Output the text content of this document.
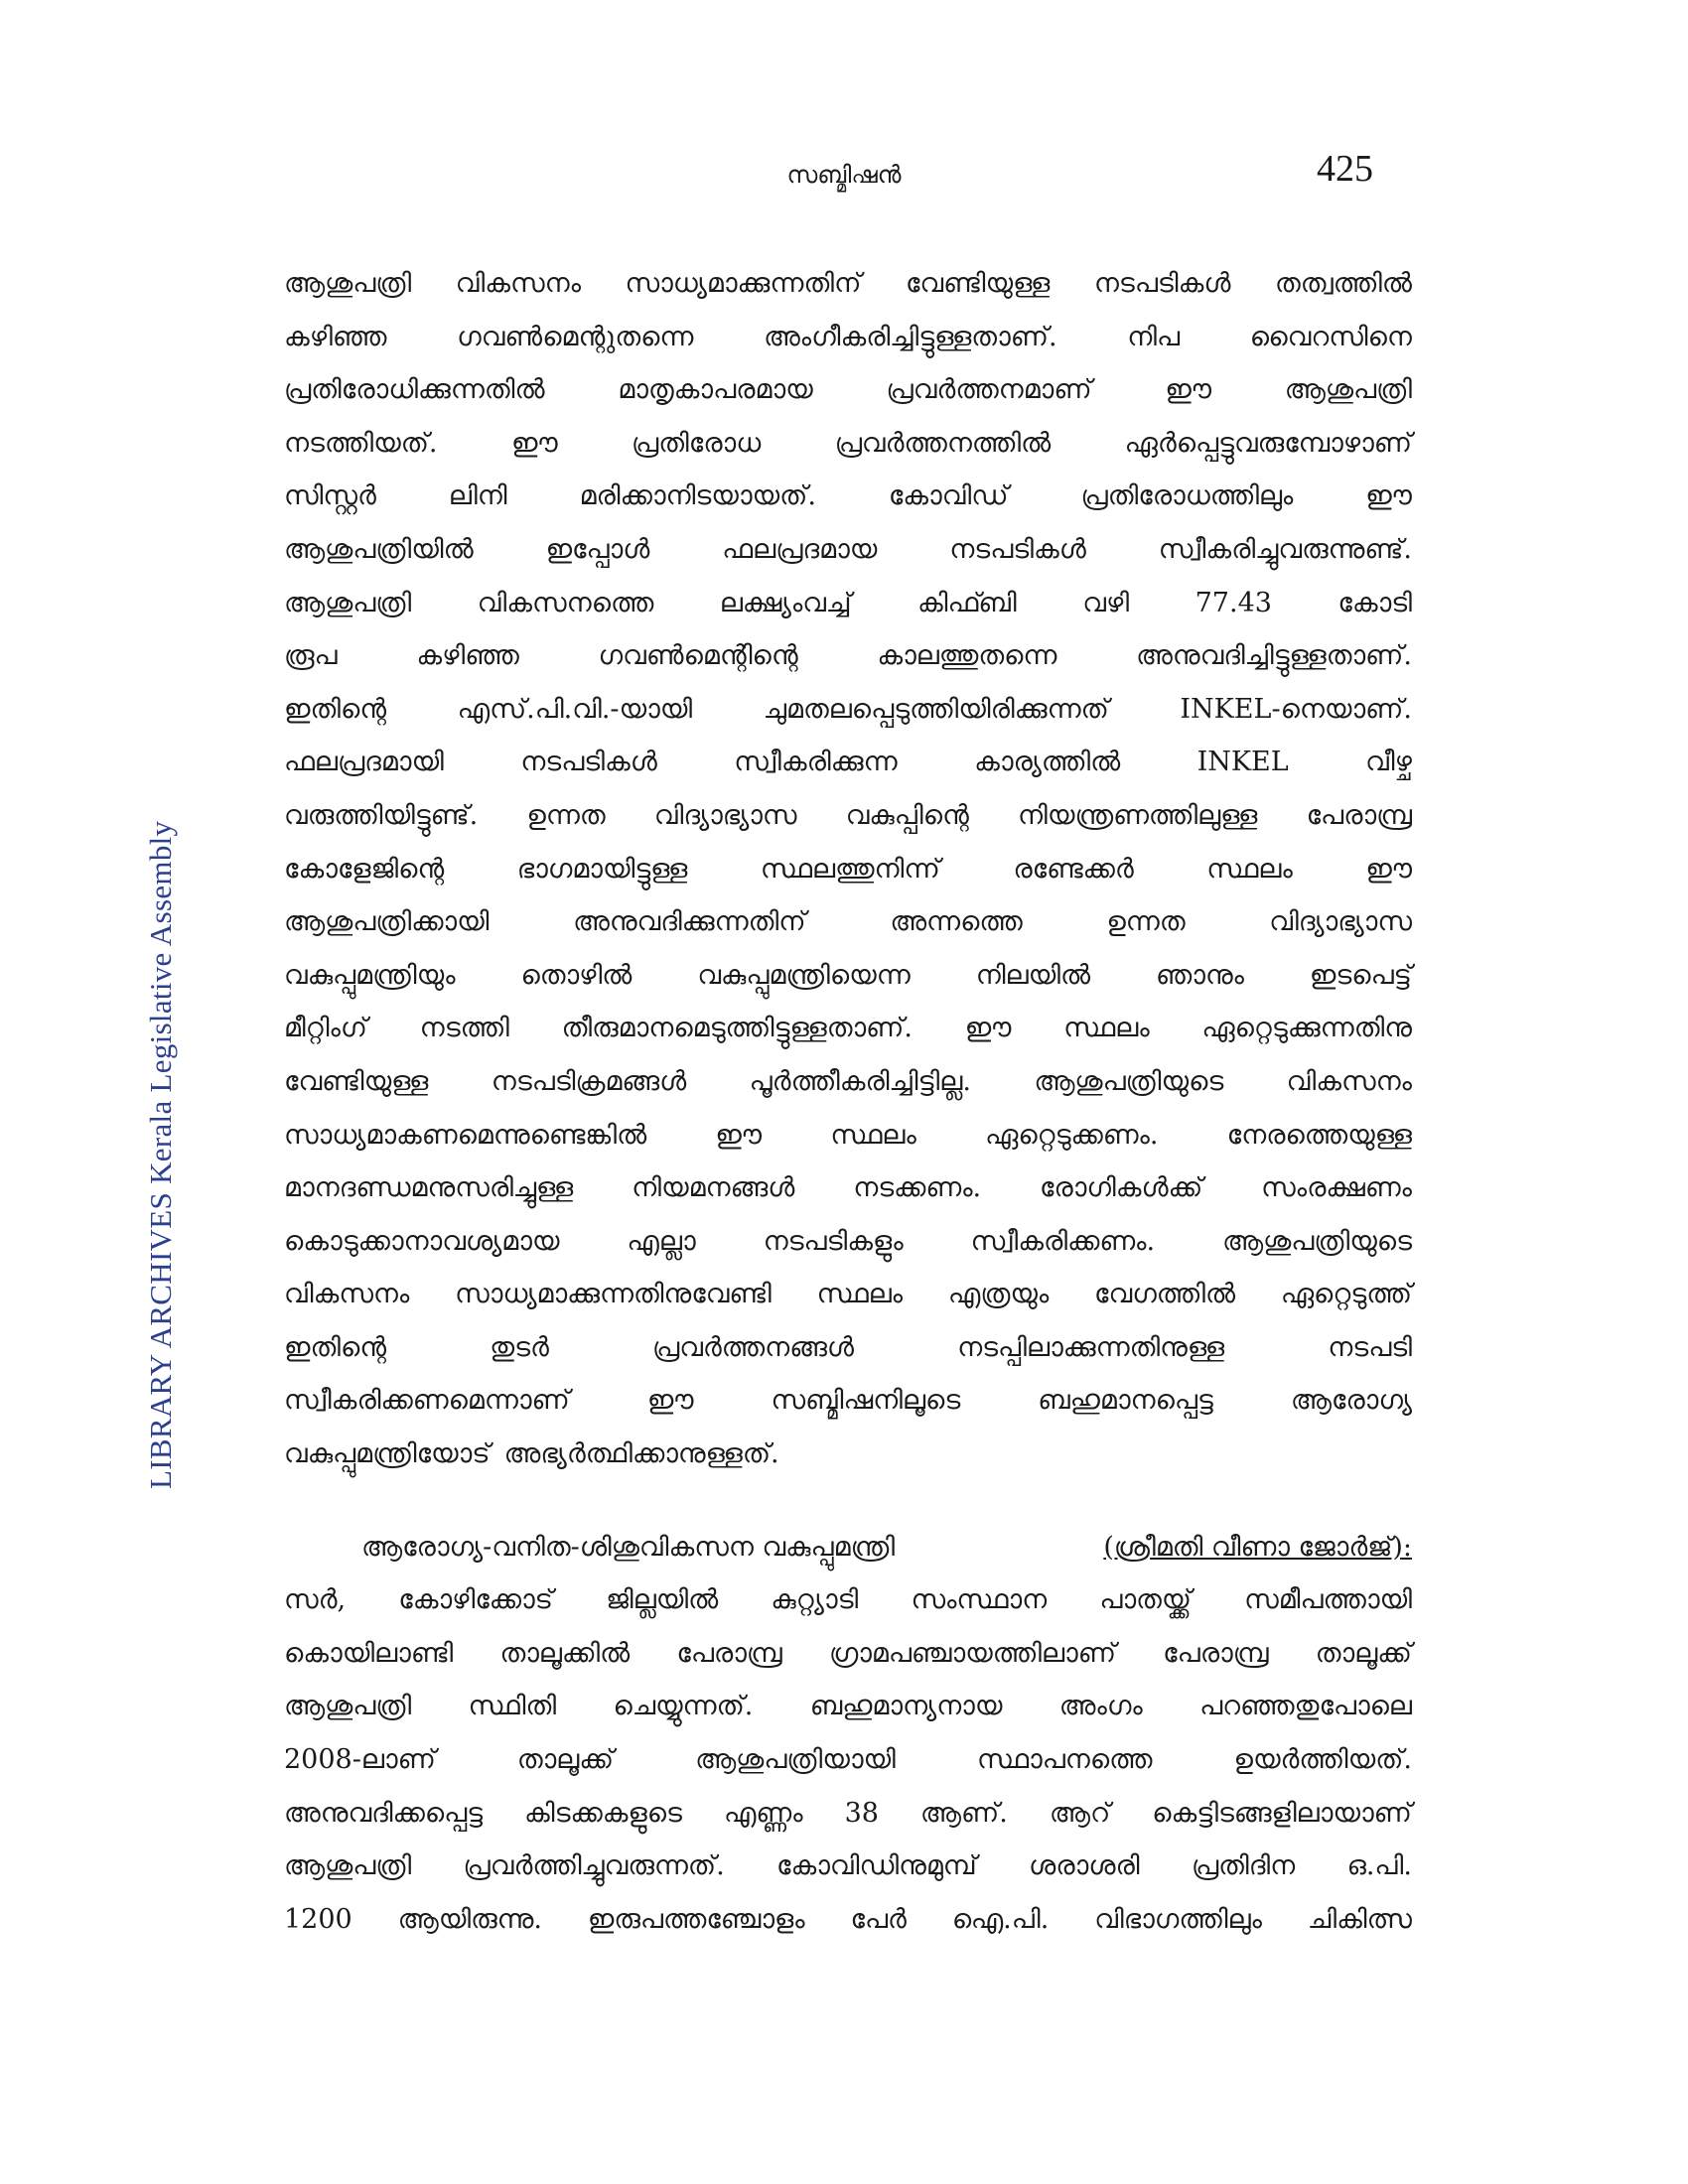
സബ്മിഷൻ	425
LIBRARY ARCHIVES Kerala Legislative Assembly
ആശുപത്രി വികസനം സാധ്യമാക്കുന്നതിന് വേണ്ടിയുള്ള നടപടികൾ തത്വത്തിൽ
കഴിഞ്ഞ	ഗവൺമെന്റുതന്നെ	അംഗീകരിച്ചിട്ടുള്ളതാണ്.	നിപ	വൈറസിനെ
പ്രതിരോധിക്കുന്നതിൽ	മാതൃകാപരമായ	പ്രവർത്തനമാണ്	ഈ	ആശുപത്രി
നടത്തിയത്.	ഈ	പ്രതിരോധ	പ്രവർത്തനത്തിൽ	ഏർപ്പെട്ടുവരുമ്പോഴാണ്
സിസ്റ്റർ	ലിനി	മരിക്കാനിടയായത്.	കോവിഡ്	പ്രതിരോധത്തിലും	ഈ
ആശുപത്രിയിൽ	ഇപ്പോൾ	ഫലപ്രദമായ	നടപടികൾ	സ്വീകരിച്ചുവരുന്നുണ്ട്.
ആശുപത്രി വികസനത്തെ ലക്ഷ്യംവച്ച് കിഫ്ബി വഴി 77.43 കോടി
രൂപ	കഴിഞ്ഞ	ഗവൺമെന്റിന്റെ	കാലത്തുതന്നെ	അനുവദിച്ചിട്ടുള്ളതാണ്.
ഇതിന്റെ	എസ്.പി.വി.-യായി	ചുമതലപ്പെടുത്തിയിരിക്കുന്നത്	INKEL-നെയാണ്.
ഫലപ്രദമായി	നടപടികൾ	സ്വീകരിക്കുന്ന	കാര്യത്തിൽ	INKEL	വീഴ്ച
വരുത്തിയിട്ടുണ്ട്. ഉന്നത വിദ്യാഭ്യാസ വകുപ്പിന്റെ നിയന്ത്രണത്തിലുള്ള പേരാമ്പ്ര
കോളേജിന്റെ	ഭാഗമായിട്ടുള്ള	സ്ഥലത്തുനിന്ന്	രണ്ടേക്കർ	സ്ഥലം	ഈ
ആശുപത്രിക്കായി	അനുവദിക്കുന്നതിന്	അന്നത്തെ	ഉന്നത	വിദ്യാഭ്യാസ
വകുപ്പുമന്ത്രിയും തൊഴിൽ വകുപ്പുമന്ത്രിയെന്ന നിലയിൽ ഞാനും ഇടപെട്ട്
മീറ്റിംഗ് നടത്തി തീരുമാനമെടുത്തിട്ടുള്ളതാണ്. ഈ സ്ഥലം ഏറ്റെടുക്കുന്നതിനു
വേണ്ടിയുള്ള നടപടിക്രമങ്ങൾ പൂർത്തീകരിച്ചിട്ടില്ല. ആശുപത്രിയുടെ വികസനം
സാധ്യമാകണമെന്നുണ്ടെങ്കിൽ	ഈ	സ്ഥലം	ഏറ്റെടുക്കണം.	നേരത്തെയുള്ള
മാനദണ്ഡമനുസരിച്ചുള്ള നിയമനങ്ങൾ നടക്കണം. രോഗികൾക്ക് സംരക്ഷണം
കൊടുക്കാനാവശ്യമായ	എല്ലാ	നടപടികളും	സ്വീകരിക്കണം.	ആശുപത്രിയുടെ
വികസനം സാധ്യമാക്കുന്നതിനുവേണ്ടി സ്ഥലം എത്രയും വേഗത്തിൽ ഏറ്റെടുത്ത്
ഇതിന്റെ	തുടർ	പ്രവർത്തനങ്ങൾ	നടപ്പിലാക്കുന്നതിനുള്ള	നടപടി
സ്വീകരിക്കണമെന്നാണ്	ഈ	സബ്മിഷനിലൂടെ	ബഹുമാനപ്പെട്ട	ആരോഗ്യ
വകുപ്പുമന്ത്രിയോട് അഭ്യർത്ഥിക്കാനുള്ളത്.
ആരോഗ്യ-വനിത-ശിശുവികസന വകുപ്പുമന്ത്രി	(ശ്രീമതി വീണാ ജോർജ്):
സർ, കോഴിക്കോട് ജില്ലയിൽ കുറ്റ്യാടി സംസ്ഥാന പാതയ്ക്ക് സമീപത്തായി
കൊയിലാണ്ടി താലൂക്കിൽ പേരാമ്പ്ര ഗ്രാമപഞ്ചായത്തിലാണ് പേരാമ്പ്ര താലൂക്ക്
ആശുപത്രി സ്ഥിതി ചെയ്യുന്നത്. ബഹുമാന്യനായ അംഗം പറഞ്ഞതുപോലെ
2008-ലാണ്	താലൂക്ക്	ആശുപത്രിയായി	സ്ഥാപനത്തെ	ഉയർത്തിയത്.
അനുവദിക്കപ്പെട്ട കിടക്കകളുടെ എണ്ണം 38 ആണ്. ആറ് കെട്ടിടങ്ങളിലായാണ്
ആശുപത്രി പ്രവർത്തിച്ചുവരുന്നത്. കോവിഡിനുമുമ്പ് ശരാശരി പ്രതിദിന ഒ.പി.
1200 ആയിരുന്നു. ഇരുപത്തഞ്ചോളം പേർ ഐ.പി. വിഭാഗത്തിലും ചികിത്സ
